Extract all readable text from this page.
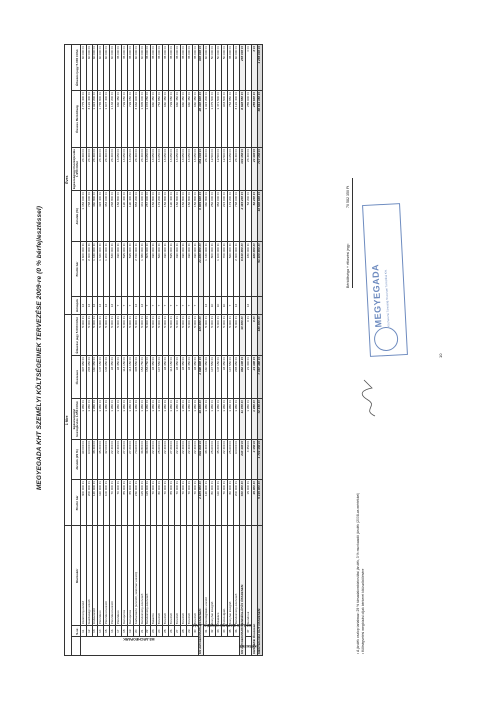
MEGYEGADA KHT SZEMÉLYI KÖLTSÉGEINEK TERVEZÉSE 2009-re (0 % bérfejlesztéssel)
			1 főre					Éves					
	S.sz.	Munkakör	Bruttó bér	Járulék (29 %)	Egészségügyi hozzájárulás 1.950 Ft/hó	Összesen	Étkezési jegy 5.000 Ft/hó	Hónapok	Bruttó bér	Járulék (%)	Egészségügyi hozzájárulás 1.950 Ft/hó	Összes Bérköltség	Étkezési jegy 5.000 Ft/hó
M3 ARCHEOPARK	11	Intézményvezető	300 000 Ft	90 000 Ft	1 950 Ft	397 950 Ft	5 000 Ft	12	3 600 000 Ft	1 152 000 Ft	23 400 Ft	4 775 400 Ft	60 000 Ft
	12	Gazdasági vezető	200 000 Ft	64 000 Ft	1 950 Ft	265 950 Ft	5 000 Ft	12	2 400 000 Ft	768 000 Ft	23 400 Ft	3 191 400 Ft	60 000 Ft
	13	Irodavezető	120 000 Ft	38 400 Ft	1 950 Ft	160 350 Ft	5 000 Ft	12	1 440 000 Ft	460 800 Ft	23 400 Ft	1 924 200 Ft	60 000 Ft
	14	Pénztáros	110 000 Ft	35 200 Ft	1 950 Ft	147 150 Ft	5 000 Ft	12	1 320 000 Ft	422 400 Ft	23 400 Ft	1 765 800 Ft	60 000 Ft
	15	Pénztárosvezető	100 000 Ft	32 000 Ft	1 950 Ft	133 950 Ft	5 000 Ft	12	1 200 000 Ft	384 000 Ft	23 400 Ft	1 607 400 Ft	60 000 Ft
	16	Pénztárosvezető	70 000 Ft	22 400 Ft	1 950 Ft	94 350 Ft	5 000 Ft	12	840 000 Ft	268 800 Ft	23 400 Ft	1 132 200 Ft	60 000 Ft
	17	Pénztáros	70 000 Ft	22 400 Ft	1 950 Ft	94 350 Ft	5 000 Ft	7	490 000 Ft	156 800 Ft	13 650 Ft	660 450 Ft	35 000 Ft
	18	Recepciós	85 000 Ft	27 200 Ft	1 950 Ft	114 150 Ft	5 000 Ft	7	595 000 Ft	190 400 Ft	13 650 Ft	799 050 Ft	35 000 Ft
	19	Recepciós	85 000 Ft	27 200 Ft	1 950 Ft	114 150 Ft	5 000 Ft	7	595 000 Ft	190 400 Ft	13 650 Ft	799 050 Ft	35 000 Ft
	20	Karbantartó (szerelő, szakmai vezető)	230 000 Ft	73 600 Ft	1 950 Ft	305 550 Ft	5 000 Ft	12	2 760 000 Ft	883 200 Ft	23 400 Ft	3 666 600 Ft	60 000 Ft
	21	Rendezvény-szervező	115 000 Ft	36 800 Ft	1 950 Ft	153 750 Ft	5 000 Ft	12	1 380 000 Ft	441 600 Ft	23 400 Ft	1 845 000 Ft	60 000 Ft
	22	Rendezvény-szervező	115 000 Ft	36 800 Ft	1 950 Ft	153 750 Ft	5 000 Ft	7	805 000 Ft	257 600 Ft	13 650 Ft	1 076 250 Ft	35 000 Ft
	23	Takarító	70 000 Ft	22 400 Ft	1 950 Ft	94 350 Ft	5 000 Ft	7	490 000 Ft	156 800 Ft	13 650 Ft	660 450 Ft	35 000 Ft
	24	Teremőr	80 000 Ft	25 600 Ft	1 950 Ft	107 550 Ft	5 000 Ft	7	560 000 Ft	179 200 Ft	13 650 Ft	752 850 Ft	35 000 Ft
	25	Teremőr	70 000 Ft	22 400 Ft	1 950 Ft	94 350 Ft	5 000 Ft	7	490 000 Ft	156 800 Ft	13 650 Ft	660 450 Ft	35 000 Ft
	26	Teremőr	85 000 Ft	27 200 Ft	1 950 Ft	114 150 Ft	5 000 Ft	7	595 000 Ft	190 400 Ft	13 650 Ft	799 050 Ft	35 000 Ft
	27	Teremőr	70 000 Ft	22 400 Ft	1 950 Ft	94 350 Ft	5 000 Ft	7	490 000 Ft	156 800 Ft	13 650 Ft	660 450 Ft	35 000 Ft
	28	Teremőr	70 000 Ft	22 400 Ft	1 950 Ft	94 350 Ft	5 000 Ft	7	490 000 Ft	156 800 Ft	13 650 Ft	660 450 Ft	35 000 Ft
	29	Teremőr	70 000 Ft	22 400 Ft	1 950 Ft	94 350 Ft	5 000 Ft	7	490 000 Ft	156 800 Ft	13 650 Ft	660 450 Ft	35 000 Ft
	30	Teremőr	70 000 Ft	22 400 Ft	1 950 Ft	94 350 Ft	5 000 Ft	7	490 000 Ft	156 800 Ft	13 650 Ft	660 450 Ft	35 000 Ft
M3 ARCHEOPARK ÖSSZESEN:			2 165 000 Ft	692 800 Ft	39 000 Ft	2 896 800 Ft	100 000 Ft		21 280 000 Ft	6 809 600 Ft	351 000 Ft	28 440 600 Ft	900 000 Ft
M3 ARCHEOPARK VENDÉGLÁTÁS	31	Vendéglátás-vezető	120 000 Ft	38 400 Ft	1 950 Ft	160 350 Ft	5 000 Ft	12	1 440 000 Ft	460 800 Ft	23 400 Ft	1 924 200 Ft	60 000 Ft
	32	Konyhai kisegítő	80 000 Ft	25 600 Ft	1 950 Ft	107 550 Ft	5 000 Ft	10	800 000 Ft	256 000 Ft	19 500 Ft	1 075 500 Ft	50 000 Ft
	33	Szakács	110 000 Ft	35 200 Ft	1 950 Ft	147 150 Ft	5 000 Ft	10	1 100 000 Ft	352 000 Ft	19 500 Ft	1 471 500 Ft	50 000 Ft
	34	Felszolgáló	70 000 Ft	22 400 Ft	1 950 Ft	94 350 Ft	5 000 Ft	10	700 000 Ft	224 000 Ft	19 500 Ft	943 500 Ft	50 000 Ft
	35	Konyhai kisegítő	80 000 Ft	25 600 Ft	1 950 Ft	107 550 Ft	5 000 Ft	7	560 000 Ft	179 200 Ft	13 650 Ft	752 850 Ft	35 000 Ft
	36	Rendezvény-szervező	200 000 Ft	64 000 Ft	1 950 Ft	265 950 Ft	5 000 Ft	12	2 400 000 Ft	768 000 Ft	23 400 Ft	3 191 400 Ft	60 000 Ft
M3 ARCHEOPARK VENDÉGLÁTÁS ÖSSZESEN:			720 000 Ft	230 400 Ft	11 700 Ft	962 100 Ft	30 000 Ft		6 610 000 Ft	2 115 200 Ft	103 350 Ft	8 828 550 Ft	265 000 Ft
KESKEKE	37	Gondnok	15 000 Ft	4 350 Ft	1 950 Ft	21 300 Ft	0 Ft	12	180 000 Ft	52 200 Ft	23 400 Ft	255 600 Ft	0 Ft
KESKEKE Összesen			15 000 Ft	4 350 Ft	1 950 Ft	21 300 Ft	0 Ft		180 000 Ft	52 200 Ft	23 400 Ft	255 600 Ft	0 Ft
MEGYEGADA KHT ÖSSZESEN:			5 315 000 Ft	1 709 350 Ft	72 150 Ft	7 087 480 Ft	180 000 Ft		51 400 000 Ft	16 506 600 Ft	717 150 Ft	68 814 350 Ft	1 265 000 Ft
• A járulék oszlop tartalmaz: 29 % társadalombiztosítási járulék, 3 % munkaadói járulék (2008-as mértékkel) • Költségvetési megbízási díjak bérkeret kiküszöbölésére
Bérköltséga + étkezési jegy:
70 582 350 Ft
MEGYEGADA Közhasznú Társaság Tisza-tavi Turisztikai Kht.
10
